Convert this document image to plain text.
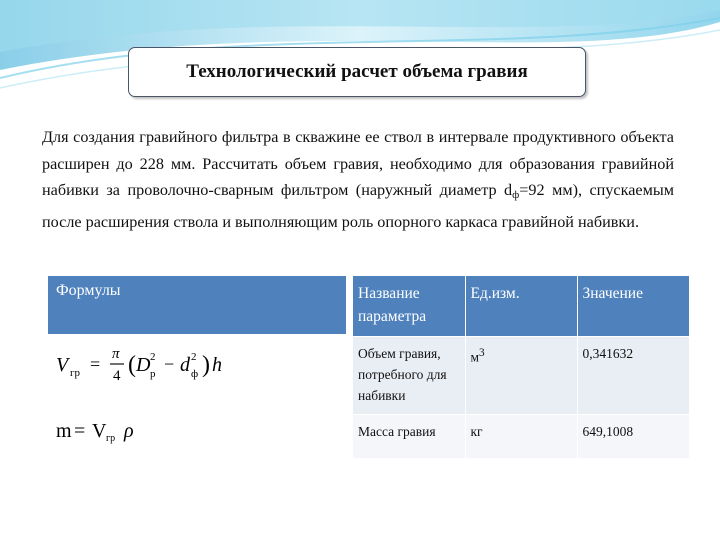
Технологический расчет объема гравия

Для создания гравийного фильтра в скважине ее ствол в интервале продуктивного объекта расширен до 228 мм. Рассчитать объем гравия, необходимо для образования гравийной набивки за проволочно-сварным фильтром (наружный диаметр $d_ф=92$ мм), спускаемым после расширения ствола и выполняющим роль опорного каркаса гравийной набивки.

Формулы
V гр = π
4 ( D 2
р − d 2
ф ) h
m = V гр ρ
Название параметра	Ед.изм.	Значение
Объем гравия, потребного для набивки	$м^3$	0,341632
Масса гравия	кг	649,1008
